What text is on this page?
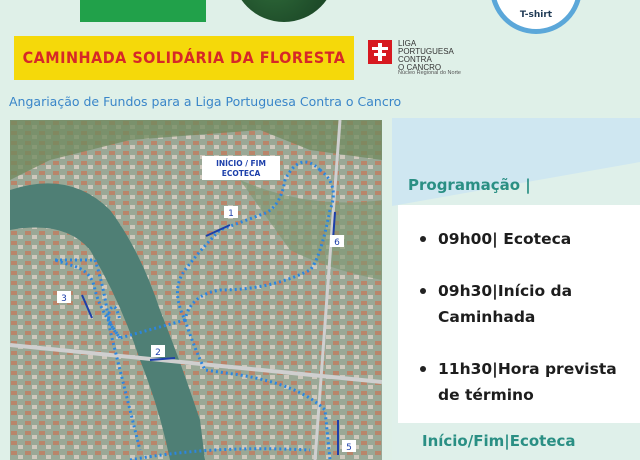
T-shirt
CAMINHADA SOLIDÁRIA DA FLORESTA
LIGA
PORTUGUESA
CONTRA
O CANCRO
Núcleo Regional do Norte
Angariação de Fundos para a Liga Portuguesa Contra o Cancro
INÍCIO / FIM
ECOTECA
1
2
3
5
6
Programação |
09h00| Ecoteca
09h30|Início da
Caminhada
11h30|Hora prevista
de término
Início/Fim|Ecoteca
